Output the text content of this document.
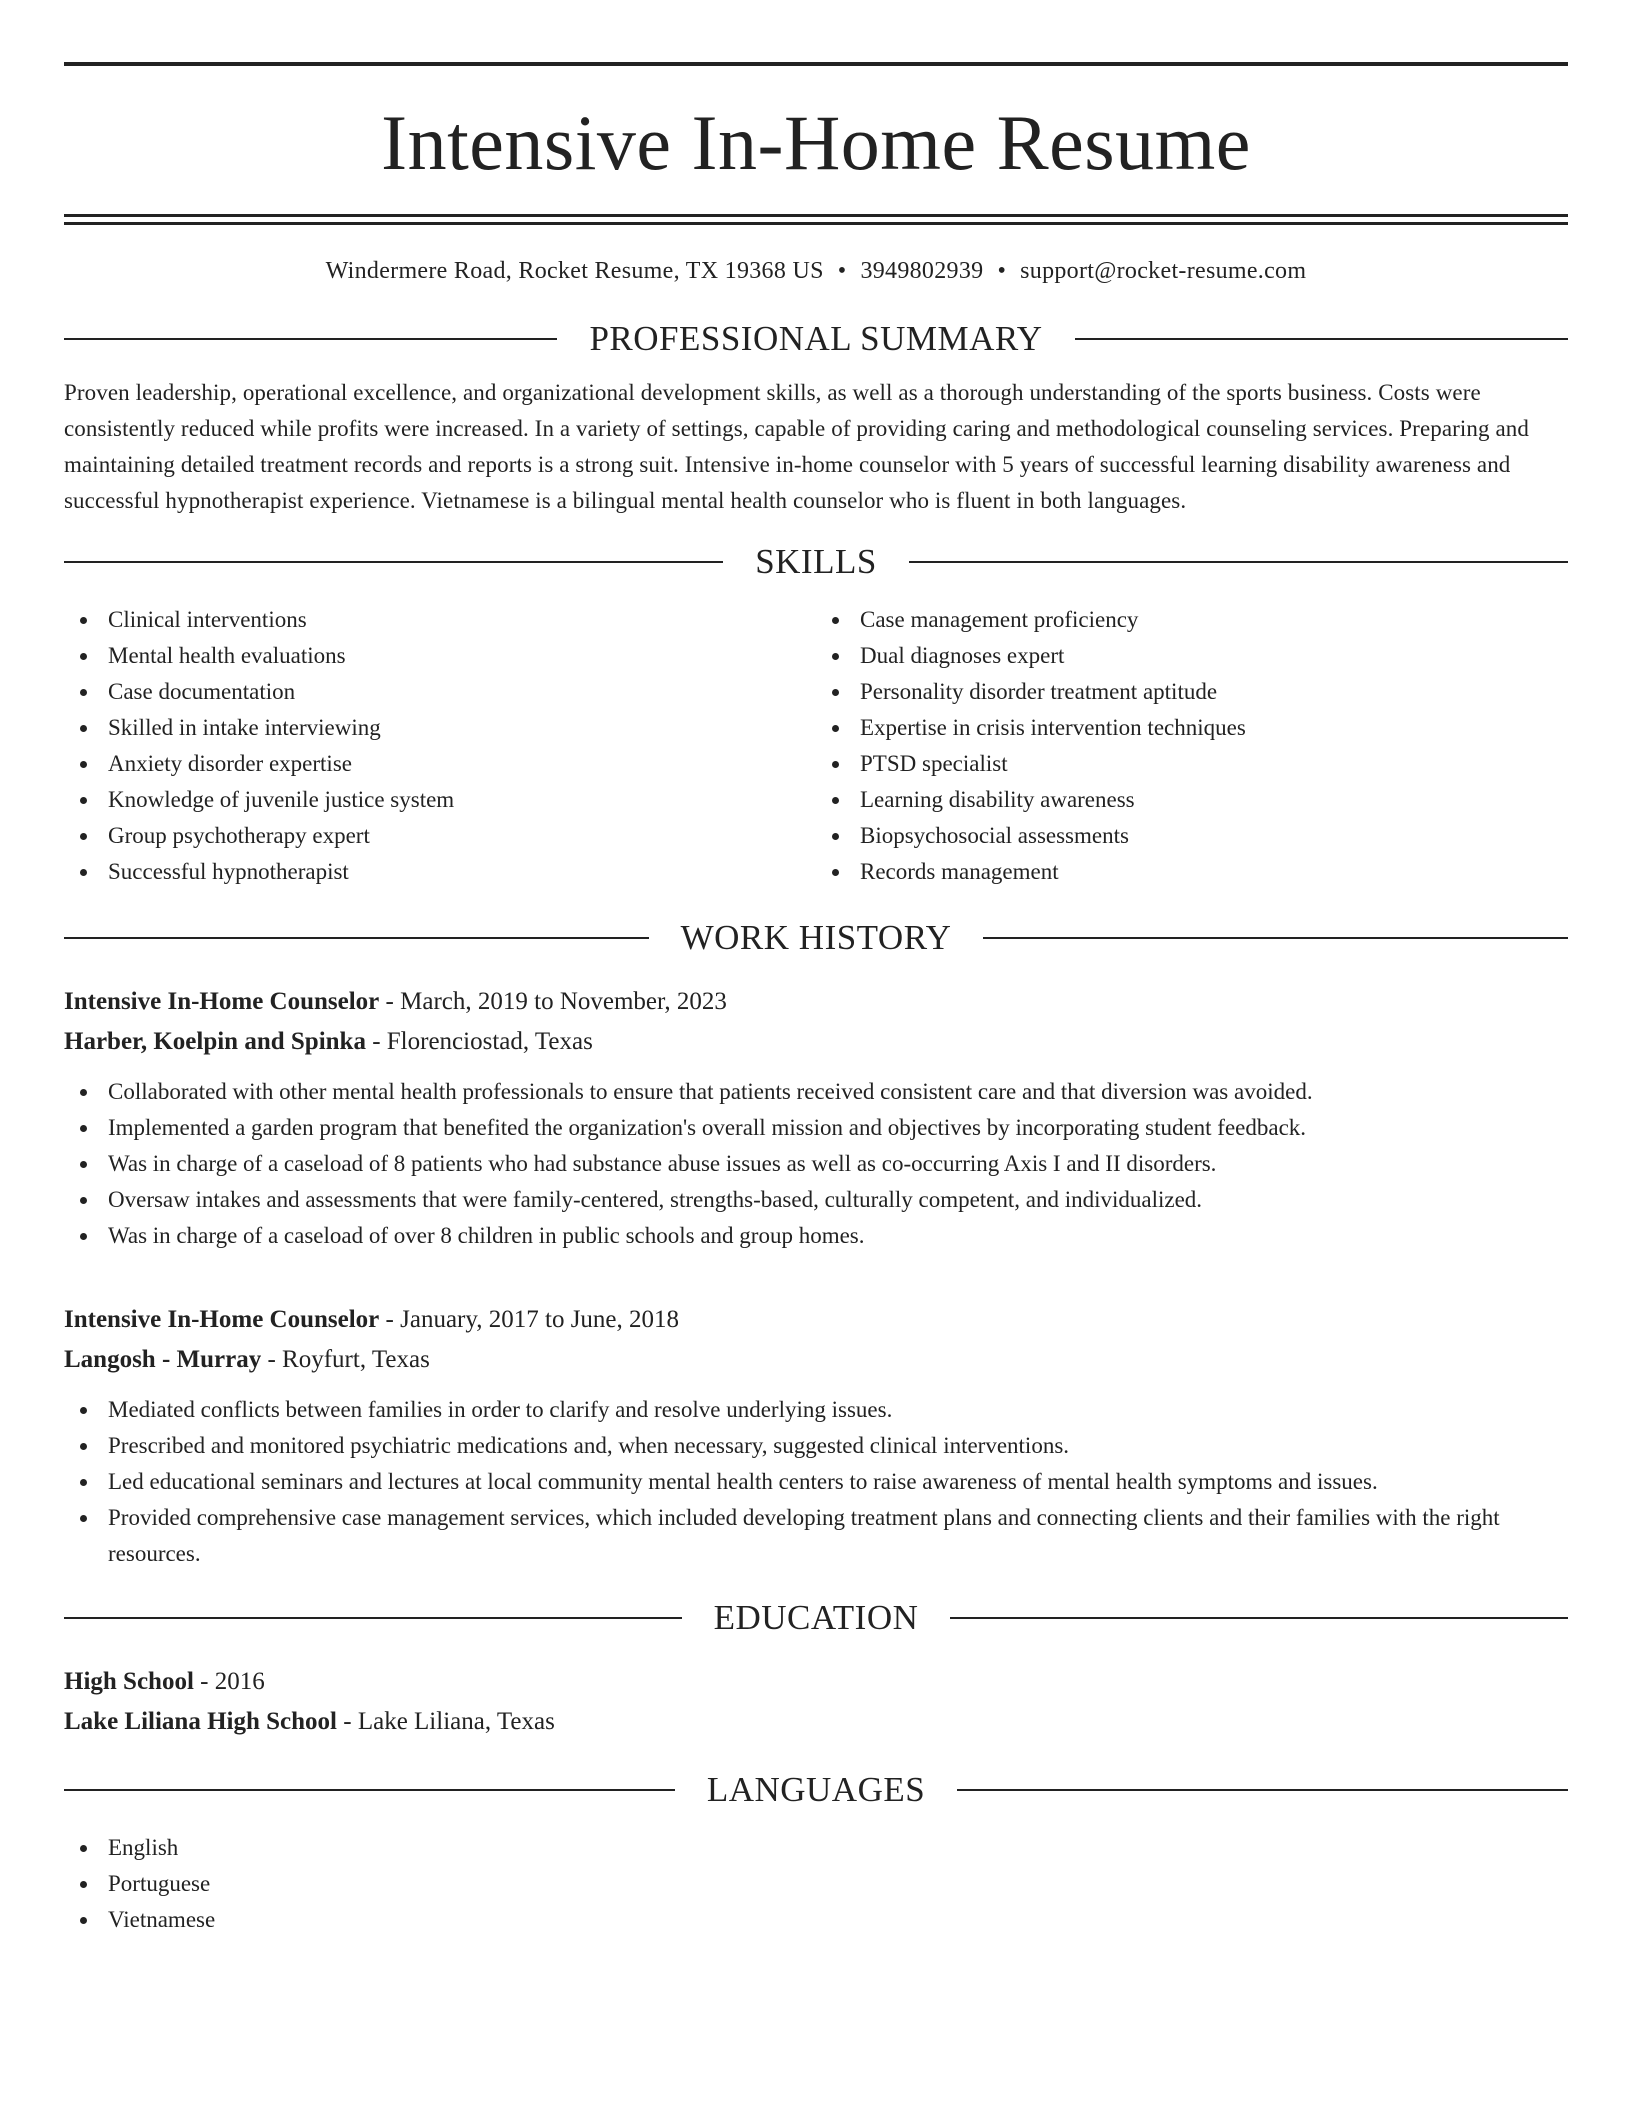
Intensive In-Home Resume
Windermere Road, Rocket Resume, TX 19368 US • 3949802939 • support@rocket-resume.com
PROFESSIONAL SUMMARY

Proven leadership, operational excellence, and organizational development skills, as well as a thorough understanding of the sports business. Costs were consistently reduced while profits were increased. In a variety of settings, capable of providing caring and methodological counseling services. Preparing and maintaining detailed treatment records and reports is a strong suit. Intensive in-home counselor with 5 years of successful learning disability awareness and successful hypnotherapist experience. Vietnamese is a bilingual mental health counselor who is fluent in both languages.

SKILLS
Clinical interventions
Mental health evaluations
Case documentation
Skilled in intake interviewing
Anxiety disorder expertise
Knowledge of juvenile justice system
Group psychotherapy expert
Successful hypnotherapist
Case management proficiency
Dual diagnoses expert
Personality disorder treatment aptitude
Expertise in crisis intervention techniques
PTSD specialist
Learning disability awareness
Biopsychosocial assessments
Records management
WORK HISTORY
Intensive In-Home Counselor - March, 2019 to November, 2023
Harber, Koelpin and Spinka - Florenciostad, Texas
Collaborated with other mental health professionals to ensure that patients received consistent care and that diversion was avoided.
Implemented a garden program that benefited the organization's overall mission and objectives by incorporating student feedback.
Was in charge of a caseload of 8 patients who had substance abuse issues as well as co-occurring Axis I and II disorders.
Oversaw intakes and assessments that were family-centered, strengths-based, culturally competent, and individualized.
Was in charge of a caseload of over 8 children in public schools and group homes.
Intensive In-Home Counselor - January, 2017 to June, 2018
Langosh - Murray - Royfurt, Texas
Mediated conflicts between families in order to clarify and resolve underlying issues.
Prescribed and monitored psychiatric medications and, when necessary, suggested clinical interventions.
Led educational seminars and lectures at local community mental health centers to raise awareness of mental health symptoms and issues.
Provided comprehensive case management services, which included developing treatment plans and connecting clients and their families with the right resources.
EDUCATION
High School - 2016
Lake Liliana High School - Lake Liliana, Texas
LANGUAGES
English
Portuguese
Vietnamese
